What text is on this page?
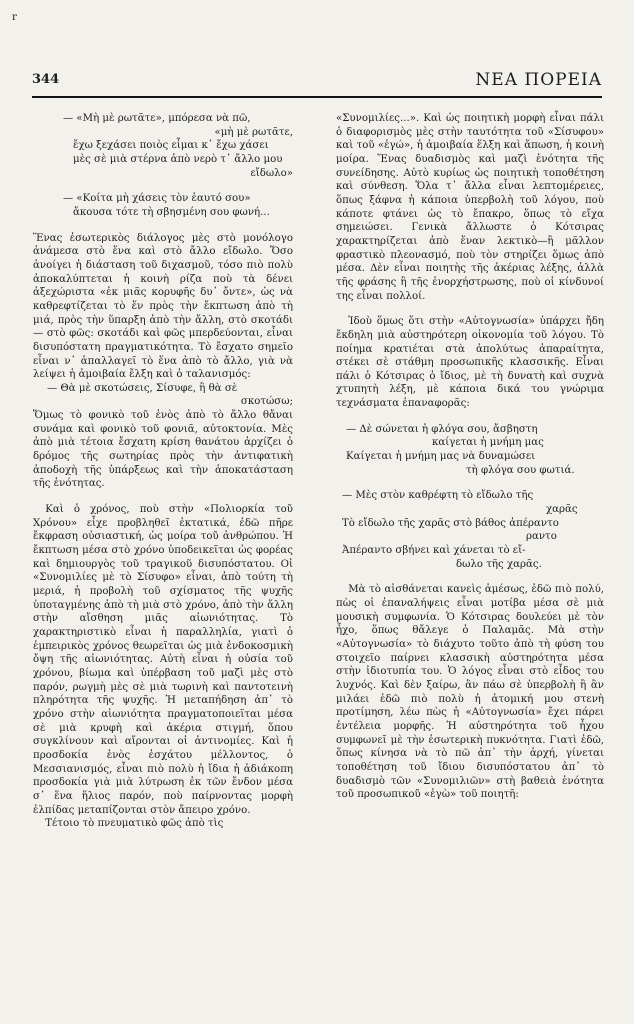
r
344	ΝΕΑ ΠΟΡΕΙΑ
— «Μὴ μὲ ρωτᾶτε», μπόρεσα νὰ πῶ,
«μὴ μὲ ρωτᾶτε,
ἔχω ξεχάσει ποιὸς εἶμαι κ᾽ ἔχω χάσει
μὲς σὲ μιὰ στέρνα ἀπὸ νερὸ τ᾽ ἄλλο μου
εἴδωλο»
— «Κοίτα μὴ χάσεις τὸν ἑαυτό σου»
ἄκουσα τότε τὴ σβησμένη σου φωνή...

Ἕνας ἐσωτερικὸς διάλογος μὲς στὸ μονόλογο ἀνάμεσα στὸ ἕνα καὶ στὸ ἄλλο εἴδωλο. Ὅσο ἀνοίγει ἡ διάσταση τοῦ διχασμοῦ, τόσο πιὸ πολὺ ἀποκαλύπτεται ἡ κοινὴ ρίζα ποὺ τὰ δένει ἀξεχώριστα «ἐκ μιᾶς κορυφῆς δυ᾽ ὄντε», ὡς νὰ καθρεφτίζεται τὸ ἕν πρὸς τὴν ἔκπτωση ἀπὸ τὴ μιά, πρὸς τὴν ὕπαρξη ἀπὸ τὴν ἄλλη, στὸ σκοτάδι— στὸ φῶς: σκοτάδι καὶ φῶς μπερδεύονται, εἶναι δισυπόστατη πραγματικότητα. Τὸ ἔσχατο σημεῖο εἶναι ν᾽ ἀπαλλαγεῖ τὸ ἕνα ἀπὸ τὸ ἄλλο, γιὰ νὰ λείψει ἡ ἀμοιβαία ἔλξη καὶ ὁ ταλανισμός:

— Θὰ μὲ σκοτώσεις, Σίσυφε, ἢ θὰ σὲ
σκοτώσω;

Ὅμως τὸ φονικὸ τοῦ ἑνὸς ἀπὸ τὸ ἄλλο θἄναι συνάμα καὶ φονικὸ τοῦ φονιᾶ, αὐτοκτονία. Μὲς ἀπὸ μιὰ τέτοια ἔσχατη κρίση θανάτου ἀρχίζει ὁ δρόμος τῆς σωτηρίας πρὸς τὴν ἀντιφατικὴ ἀποδοχὴ τῆς ὑπάρξεως καὶ τὴν ἀποκατάσταση τῆς ἑνότητας.

Καὶ ὁ χρόνος, ποὺ στὴν «Πολιορκία τοῦ Χρόνου» εἶχε προβληθεῖ ἐκτατικά, ἐδῶ πῆρε ἔκφραση οὐσιαστική, ὡς μοίρα τοῦ ἀνθρώπου. Ἡ ἔκπτωση μέσα στὸ χρόνο ὑποδεικεῖται ὡς φορέας καὶ δημιουργὸς τοῦ τραγικοῦ δισυπόστατου. Οἱ «Συνομιλίες μὲ τὸ Σίσυφο» εἶναι, ἀπὸ τούτη τὴ μεριά, ἡ προβολὴ τοῦ σχίσματος τῆς ψυχῆς ὑποταγμένης ἀπὸ τὴ μιὰ στὸ χρόνο, ἀπὸ τὴν ἄλλη στὴν αἴσθηση μιᾶς αἰωνιότητας. Τὸ χαρακτηριστικὸ εἶναι ἡ παραλληλία, γιατὶ ὁ ἐμπειρικὸς χρόνος θεωρεῖται ὡς μιὰ ἐνδοκοσμικὴ ὄψη τῆς αἰωνιότητας. Αὐτὴ εἶναι ἡ οὐσία τοῦ χρόνου, βίωμα καὶ ὑπέρβαση τοῦ μαζὶ μὲς στὸ παρόν, ρωγμὴ μὲς σὲ μιὰ τωρινὴ καὶ παντοτεινὴ πληρότητα τῆς ψυχῆς. Ἡ μεταπήδηση ἀπ᾽ τὸ χρόνο στὴν αἰωνιότητα πραγματοποιεῖται μέσα σὲ μιὰ κρυφὴ καὶ ἀκέρια στιγμή, ὅπου συγκλίνουν καὶ αἴρονται οἱ ἀντινομίες. Καὶ ἡ προσδοκία ἑνὸς ἐσχάτου μέλλοντος, ὁ Μεσσιανισμός, εἶναι πιὸ πολὺ ἡ ἴδια ἡ ἀδιάκοπη προσδοκία γιὰ μιὰ λύτρωση ἐκ τῶν ἔνδον μέσα σ᾽ ἕνα ἥλιος παρόν, ποὺ παίρνοντας μορφὴ ἐλπίδας μεταπίζονται στὸν ἄπειρο χρόνο.

Τέτοιο τὸ πνευματικὸ φῶς ἀπὸ τὶς

«Συνομιλίες...». Καὶ ὡς ποιητικὴ μορφὴ εἶναι πάλι ὁ διαφορισμὸς μὲς στὴν ταυτότητα τοῦ «Σίσυφου» καὶ τοῦ «ἐγώ», ἡ ἀμοιβαία ἕλξη καὶ ἄπωση, ἡ κοινὴ μοίρα. Ἕνας δυαδισμὸς καὶ μαζὶ ἑνότητα τῆς συνείδησης. Αὐτὸ κυρίως ὡς ποιητικὴ τοποθέτηση καὶ σύνθεση. Ὅλα τ᾽ ἄλλα εἶναι λεπτομέρειες, ὅπως ξάφνα ἡ κάποια ὑπερβολὴ τοῦ λόγου, ποὺ κάποτε φτάνει ὡς τὸ ἔπακρο, ὅπως τὸ εἴχα σημειώσει. Γενικὰ ἄλλωστε ὁ Κότσιρας χαρακτηρίζεται ἀπὸ ἕναν λεκτικὸ—ἢ μᾶλλον φραστικὸ πλεονασμό, ποὺ τὸν στηρίζει ὅμως ἀπὸ μέσα. Δὲν εἶναι ποιητὴς τῆς ἀκέριας λέξης, ἀλλὰ τῆς φράσης ἢ τῆς ἐνορχήστρωσης, ποὺ οἱ κίνδυνοί της εἶναι πολλοί.

Ἰδοὺ ὅμως ὅτι στὴν «Αὐτογνωσία» ὑπάρχει ἤδη ἔκδηλη μιὰ αὐστηρότερη οἰκονομία τοῦ λόγου. Τὸ ποίημα κρατιέται στὰ ἀπολύτως ἀπαραίτητα, στέκει σὲ στάθμη προσωπικῆς κλασσικῆς. Εἶναι πάλι ὁ Κότσιρας ὁ ἴδιος, μὲ τὴ δυνατὴ καὶ συχνὰ χτυπητὴ λέξη, μὲ κάποια δικά του γνώριμα τεχνάσματα ἐπαναφορᾶς:

— Δὲ σώνεται ἡ φλόγα σου, ἄσβηστη
καίγεται ἡ μνήμη μας
Καίγεται ἡ μνήμη μας νὰ δυναμώσει
τὴ φλόγα σου φωτιά.
— Μὲς στὸν καθρέφτη τὸ εἴδωλο τῆς
χαρᾶς
Τὸ εἴδωλο τῆς χαρᾶς στὸ βάθος ἀπέραντο
ραντο
Ἀπέραντο σβήνει καὶ χάνεται τὸ εἴ-
δωλο τῆς χαρᾶς.

Μὰ τὸ αἰσθάνεται κανεὶς ἀμέσως, ἐδῶ πιὸ πολύ, πὼς οἱ ἐπαναλήψεις εἶναι μοτίβα μέσα σὲ μιὰ μουσικὴ συμφωνία. Ὁ Κότσιρας δουλεύει μὲ τὸν ἦχο, ὅπως θἄλεγε ὁ Παλαμᾶς. Μὰ στὴν «Αὐτογνωσία» τὸ διάχυτο τοῦτο ἀπὸ τὴ φύση του στοιχεῖο παίρνει κλασσικὴ αὐστηρότητα μέσα στὴν ἰδιοτυπία του. Ὁ λόγος εἶναι στὸ εἶδος του λυχνός. Καὶ δὲν ξαίρω, ἂν πάω σὲ ὑπερβολὴ ἢ ἂν μιλάει ἐδῶ πιὸ πολὺ ἡ ἀτομική μου στενὴ προτίμηση, λέω πὼς ἡ «Αὐτογνωσία» ἔχει πάρει ἐντέλεια μορφῆς. Ἡ αὐστηρότητα τοῦ ἦχου συμφωνεῖ μὲ τὴν ἐσωτερικὴ πυκνότητα. Γιατὶ ἐδῶ, ὅπως κίνησα νὰ τὸ πῶ ἀπ᾽ τὴν ἀρχή, γίνεται τοποθέτηση τοῦ ἴδιου δισυπόστατου ἀπ᾽ τὸ δυαδισμὸ τῶν «Συνομιλιῶν» στὴ βαθειὰ ἑνότητα τοῦ προσωπικοῦ «ἐγὼ» τοῦ ποιητῆ:
